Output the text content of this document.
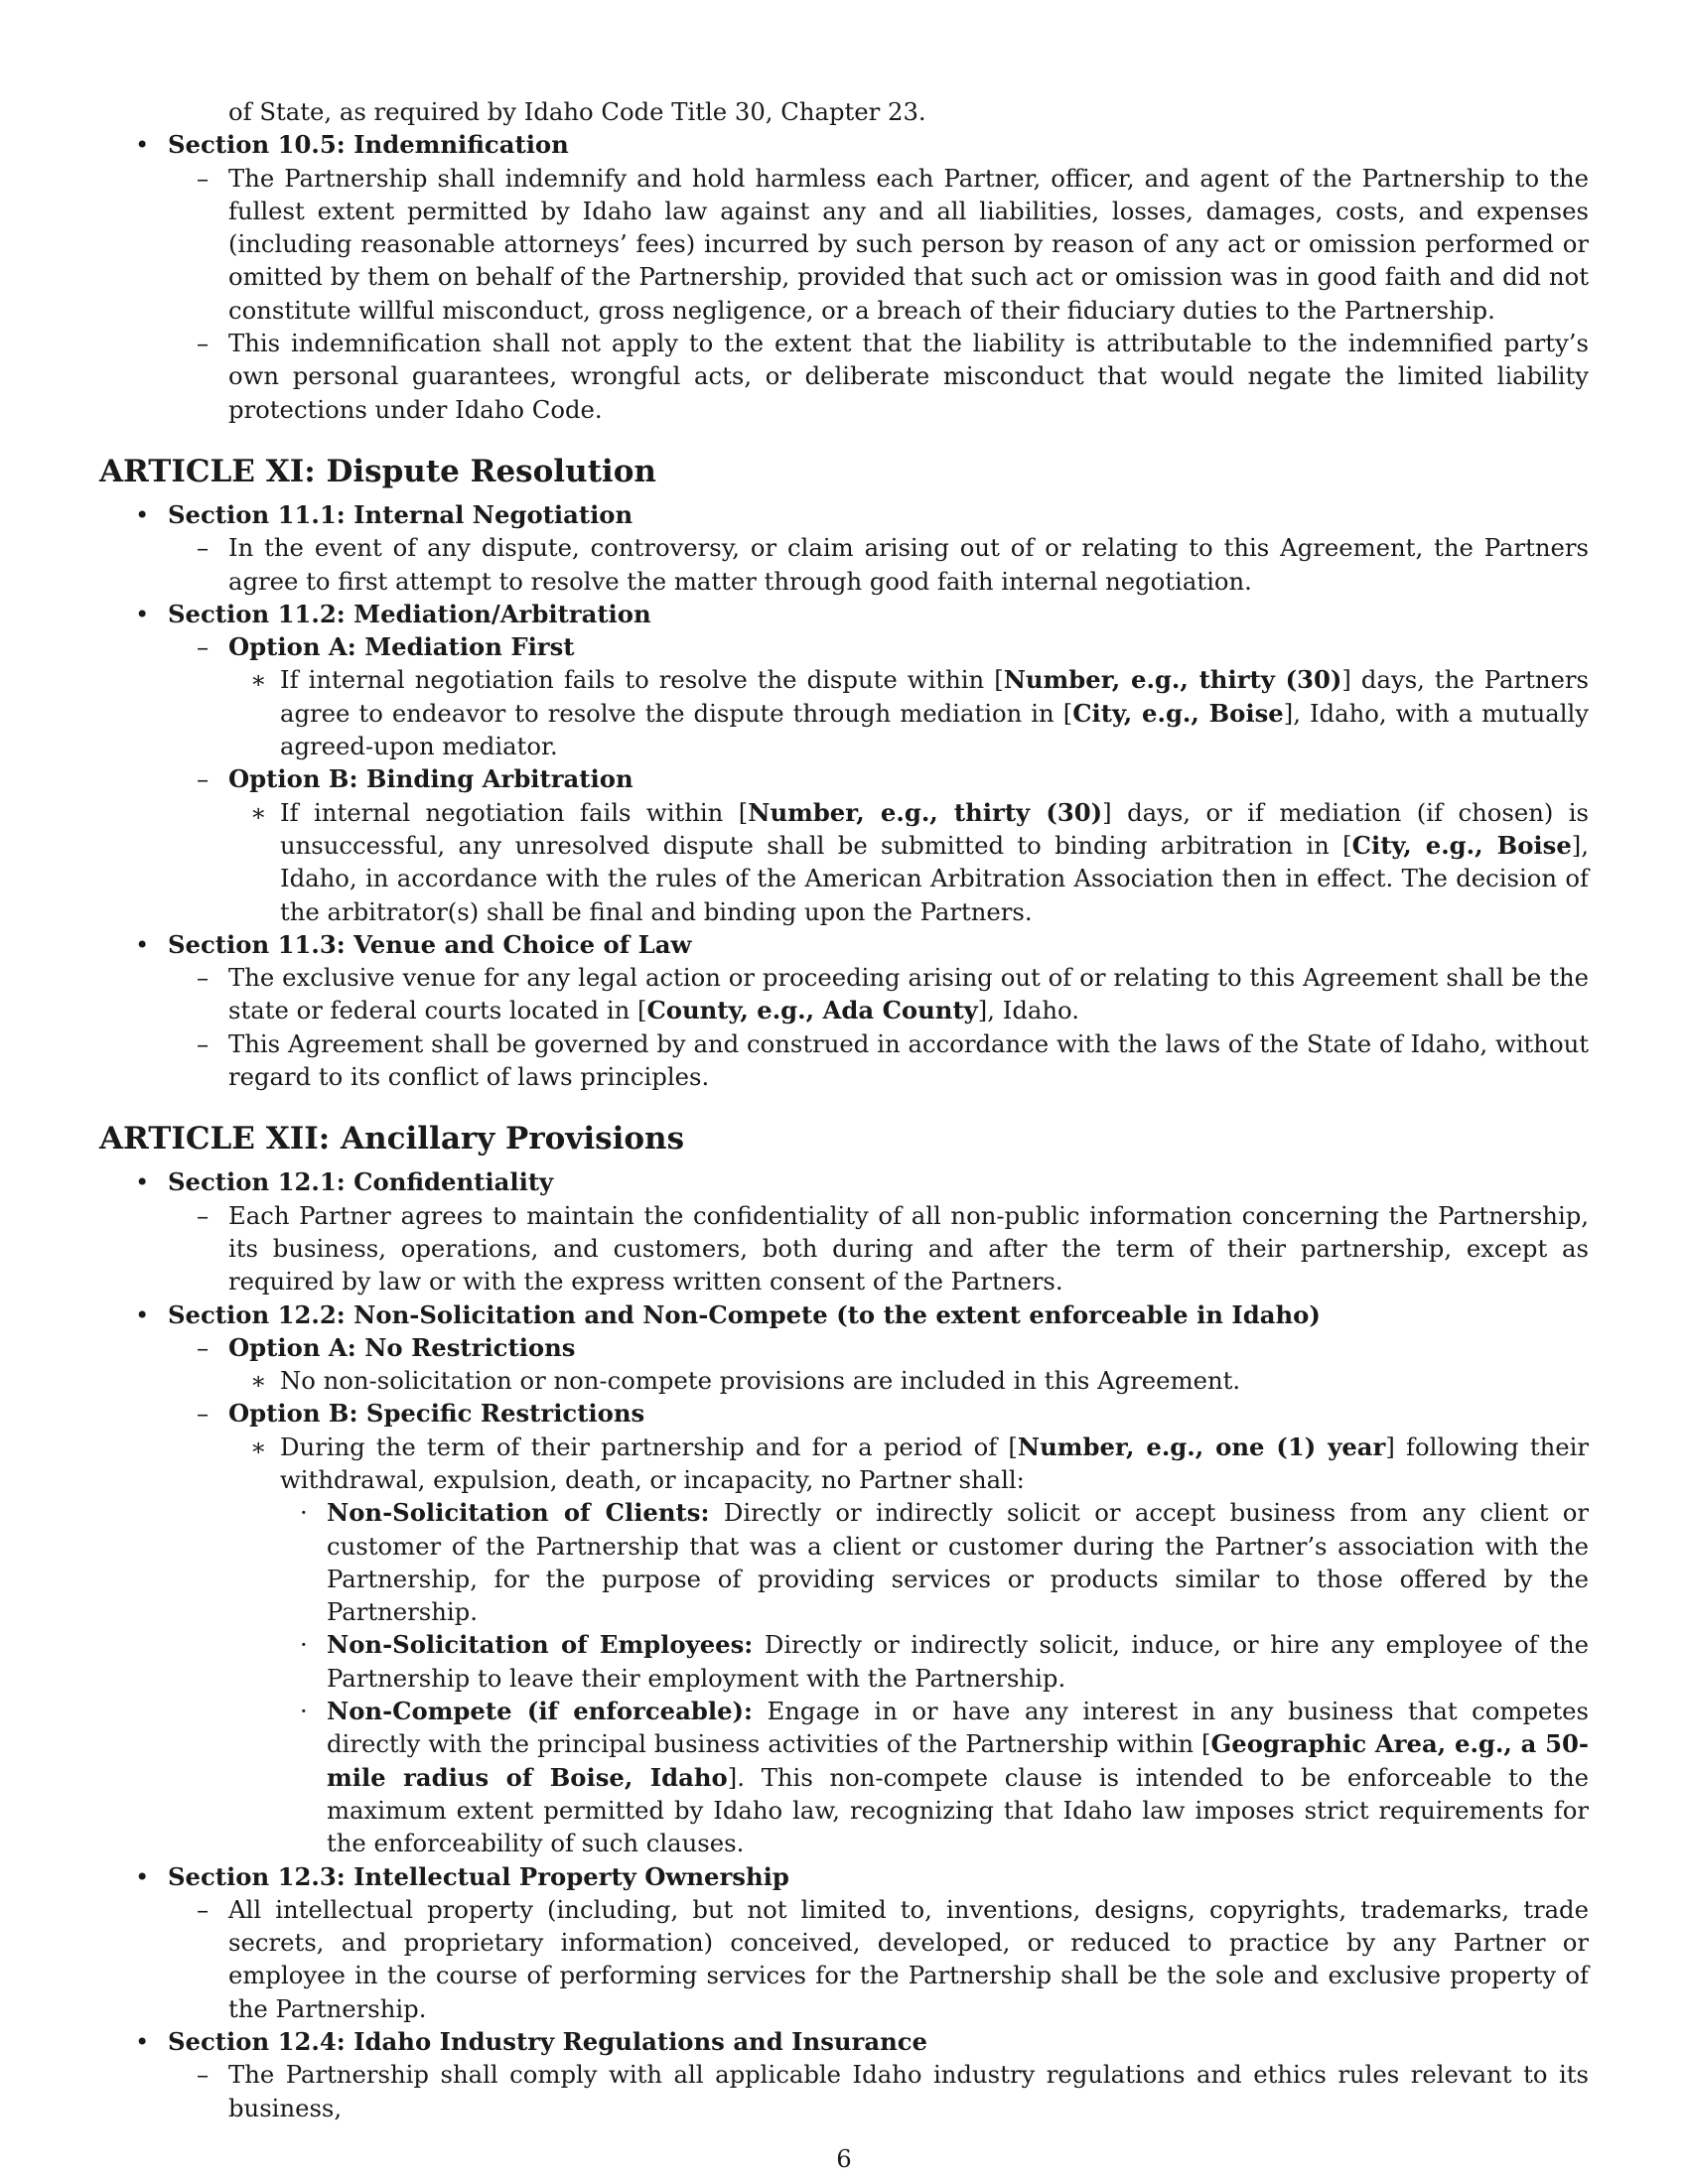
of State, as required by Idaho Code Title 30, Chapter 23.
• Section 10.5: Indemnification
– The Partnership shall indemnify and hold harmless each Partner, officer, and agent of the Partnership to the fullest extent permitted by Idaho law against any and all liabilities, losses, damages, costs, and expenses (including reasonable attorneys’ fees) incurred by such person by reason of any act or omission performed or omitted by them on behalf of the Partnership, provided that such act or omission was in good faith and did not constitute willful misconduct, gross negligence, or a breach of their fiduciary duties to the Partnership.
– This indemnification shall not apply to the extent that the liability is attributable to the indemnified party’s own personal guarantees, wrongful acts, or deliberate misconduct that would negate the limited liability protections under Idaho Code.
ARTICLE XI: Dispute Resolution
• Section 11.1: Internal Negotiation
– In the event of any dispute, controversy, or claim arising out of or relating to this Agreement, the Partners agree to first attempt to resolve the matter through good faith internal negotiation.
• Section 11.2: Mediation/Arbitration
– Option A: Mediation First
∗ If internal negotiation fails to resolve the dispute within [Number, e.g., thirty (30)] days, the Partners agree to endeavor to resolve the dispute through mediation in [City, e.g., Boise], Idaho, with a mutually agreed-upon mediator.
– Option B: Binding Arbitration
∗ If internal negotiation fails within [Number, e.g., thirty (30)] days, or if mediation (if chosen) is unsuccessful, any unresolved dispute shall be submitted to binding arbitration in [City, e.g., Boise], Idaho, in accordance with the rules of the American Arbitration Association then in effect. The decision of the arbitrator(s) shall be final and binding upon the Partners.
• Section 11.3: Venue and Choice of Law
– The exclusive venue for any legal action or proceeding arising out of or relating to this Agreement shall be the state or federal courts located in [County, e.g., Ada County], Idaho.
– This Agreement shall be governed by and construed in accordance with the laws of the State of Idaho, without regard to its conflict of laws principles.
ARTICLE XII: Ancillary Provisions
• Section 12.1: Confidentiality
– Each Partner agrees to maintain the confidentiality of all non-public information concerning the Partnership, its business, operations, and customers, both during and after the term of their partnership, except as required by law or with the express written consent of the Partners.
• Section 12.2: Non-Solicitation and Non-Compete (to the extent enforceable in Idaho)
– Option A: No Restrictions
∗ No non-solicitation or non-compete provisions are included in this Agreement.
– Option B: Specific Restrictions
∗ During the term of their partnership and for a period of [Number, e.g., one (1) year] following their withdrawal, expulsion, death, or incapacity, no Partner shall:
· Non-Solicitation of Clients: Directly or indirectly solicit or accept business from any client or customer of the Partnership that was a client or customer during the Partner’s association with the Partnership, for the purpose of providing services or products similar to those offered by the Partnership.
· Non-Solicitation of Employees: Directly or indirectly solicit, induce, or hire any employee of the Partnership to leave their employment with the Partnership.
· Non-Compete (if enforceable): Engage in or have any interest in any business that competes directly with the principal business activities of the Partnership within [Geographic Area, e.g., a 50-mile radius of Boise, Idaho]. This non-compete clause is intended to be enforceable to the maximum extent permitted by Idaho law, recognizing that Idaho law imposes strict requirements for the enforceability of such clauses.
• Section 12.3: Intellectual Property Ownership
– All intellectual property (including, but not limited to, inventions, designs, copyrights, trademarks, trade secrets, and proprietary information) conceived, developed, or reduced to practice by any Partner or employee in the course of performing services for the Partnership shall be the sole and exclusive property of the Partnership.
• Section 12.4: Idaho Industry Regulations and Insurance
– The Partnership shall comply with all applicable Idaho industry regulations and ethics rules relevant to its business,
6
